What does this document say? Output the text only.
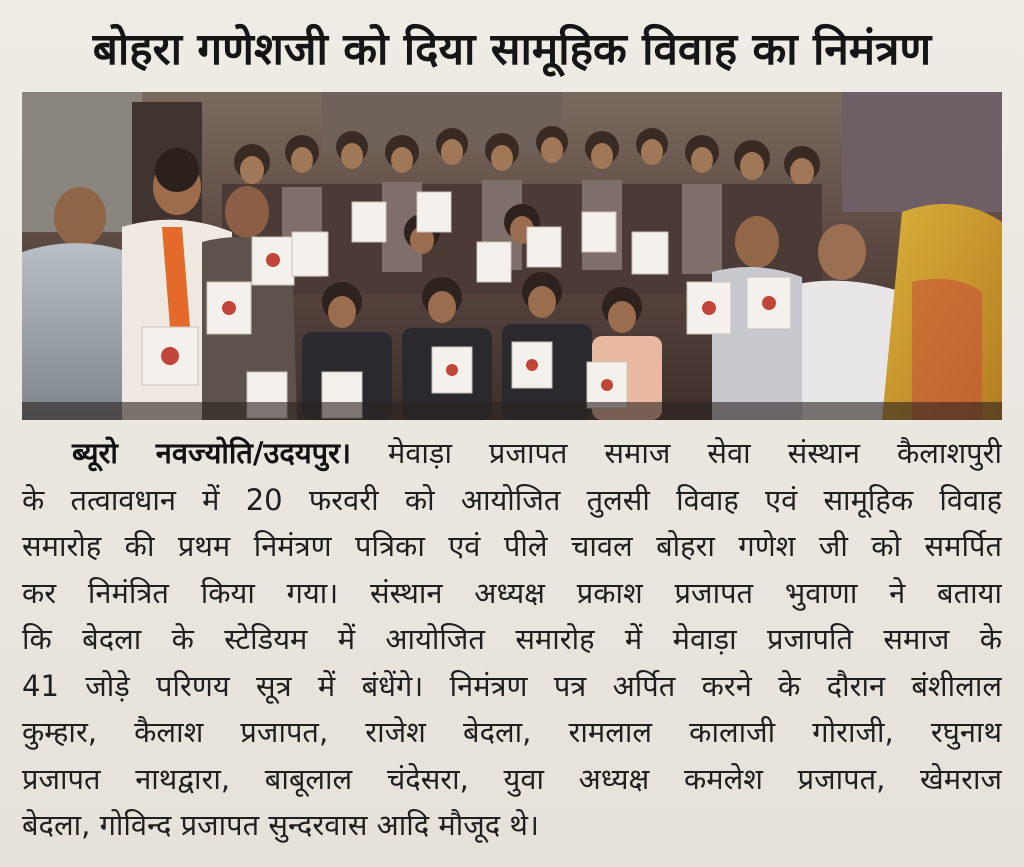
बोहरा गणेशजी को दिया सामूहिक विवाह का निमंत्रण
ब्यूरो नवज्योति/उदयपुर। मेवाड़ा प्रजापत समाज सेवा संस्थान कैलाशपुरी
के तत्वावधान में 20 फरवरी को आयोजित तुलसी विवाह एवं सामूहिक विवाह
समारोह की प्रथम निमंत्रण पत्रिका एवं पीले चावल बोहरा गणेश जी को समर्पित
कर निमंत्रित किया गया। संस्थान अध्यक्ष प्रकाश प्रजापत भुवाणा ने बताया
कि बेदला के स्टेडियम में आयोजित समारोह में मेवाड़ा प्रजापति समाज के
41 जोड़े परिणय सूत्र में बंधेंगे। निमंत्रण पत्र अर्पित करने के दौरान बंशीलाल
कुम्हार, कैलाश प्रजापत, राजेश बेदला, रामलाल कालाजी गोराजी, रघुनाथ
प्रजापत नाथद्वारा, बाबूलाल चंदेसरा, युवा अध्यक्ष कमलेश प्रजापत, खेमराज
बेदला, गोविन्द प्रजापत सुन्दरवास आदि मौजूद थे।
